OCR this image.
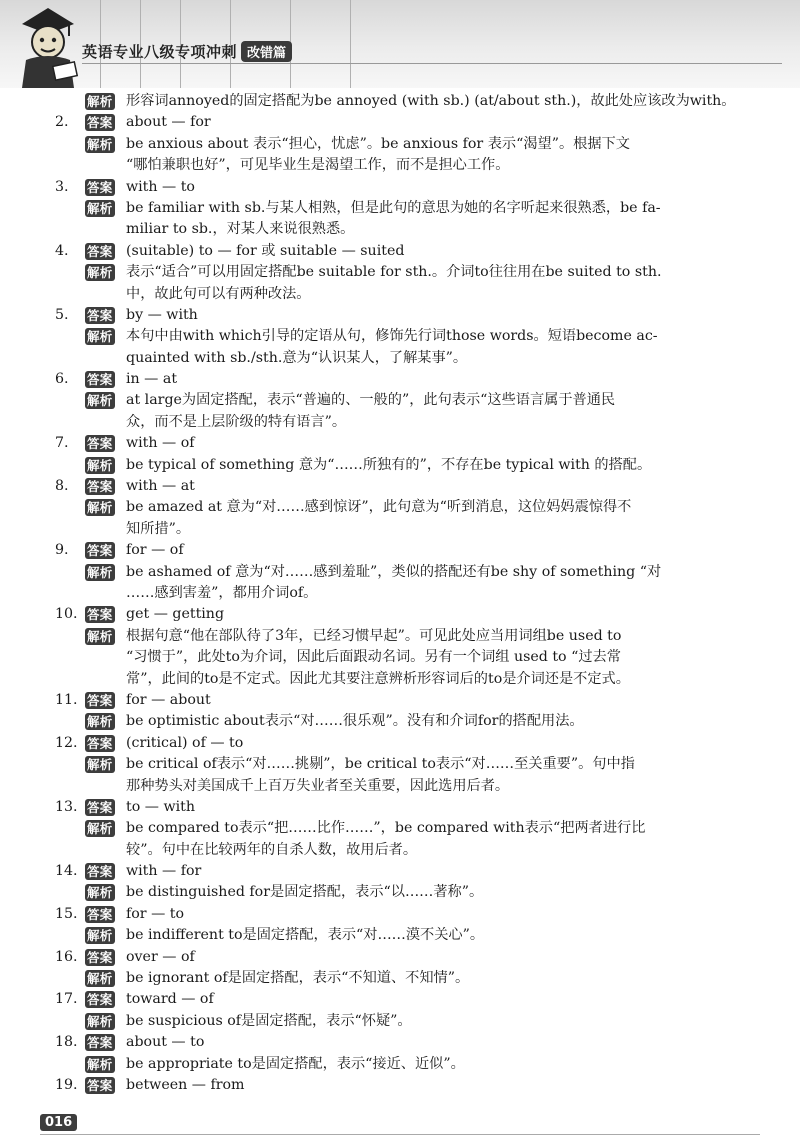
英语专业八级专项冲刺 改错篇
解析 形容词annoyed的固定搭配为be annoyed (with sb.) (at/about sth.)，故此处应该改为with。
2.	答案 about — for
解析 be anxious about 表示“担心，忧虑”。be anxious for 表示“渴望”。根据下文
“哪怕兼职也好”，可见毕业生是渴望工作，而不是担心工作。
3.	答案 with — to
解析 be familiar with sb.与某人相熟，但是此句的意思为她的名字听起来很熟悉，be fa-
miliar to sb.，对某人来说很熟悉。
4.	答案 (suitable) to — for 或 suitable — suited
解析 表示“适合”可以用固定搭配be suitable for sth.。介词to往往用在be suited to sth.
中，故此句可以有两种改法。
5.	答案 by — with
解析 本句中由with which引导的定语从句，修饰先行词those words。短语become ac-
quainted with sb./sth.意为“认识某人，了解某事”。
6.	答案 in — at
解析 at large为固定搭配，表示“普遍的、一般的”，此句表示“这些语言属于普通民
众，而不是上层阶级的特有语言”。
7.	答案 with — of
解析 be typical of something 意为“……所独有的”，不存在be typical with 的搭配。
8.	答案 with — at
解析 be amazed at 意为“对……感到惊讶”，此句意为“听到消息，这位妈妈震惊得不
知所措”。
9.	答案 for — of
解析 be ashamed of 意为“对……感到羞耻”，类似的搭配还有be shy of something “对
……感到害羞”，都用介词of。
10. 答案 get — getting
解析 根据句意“他在部队待了3年，已经习惯早起”。可见此处应当用词组be used to
“习惯于”，此处to为介词，因此后面跟动名词。另有一个词组 used to “过去常
常”，此间的to是不定式。因此尤其要注意辨析形容词后的to是介词还是不定式。
11. 答案 for — about
解析 be optimistic about表示“对……很乐观”。没有和介词for的搭配用法。
12. 答案 (critical) of — to
解析 be critical of表示“对……挑剔”，be critical to表示“对……至关重要”。句中指
那种势头对美国成千上百万失业者至关重要，因此选用后者。
13. 答案 to — with
解析 be compared to表示“把……比作……”，be compared with表示“把两者进行比
较”。句中在比较两年的自杀人数，故用后者。
14. 答案 with — for
解析 be distinguished for是固定搭配，表示“以……著称”。
15. 答案 for — to
解析 be indifferent to是固定搭配，表示“对……漠不关心”。
16. 答案 over — of
解析 be ignorant of是固定搭配，表示“不知道、不知情”。
17. 答案 toward — of
解析 be suspicious of是固定搭配，表示“怀疑”。
18. 答案 about — to
解析 be appropriate to是固定搭配，表示“接近、近似”。
19. 答案 between — from
016
